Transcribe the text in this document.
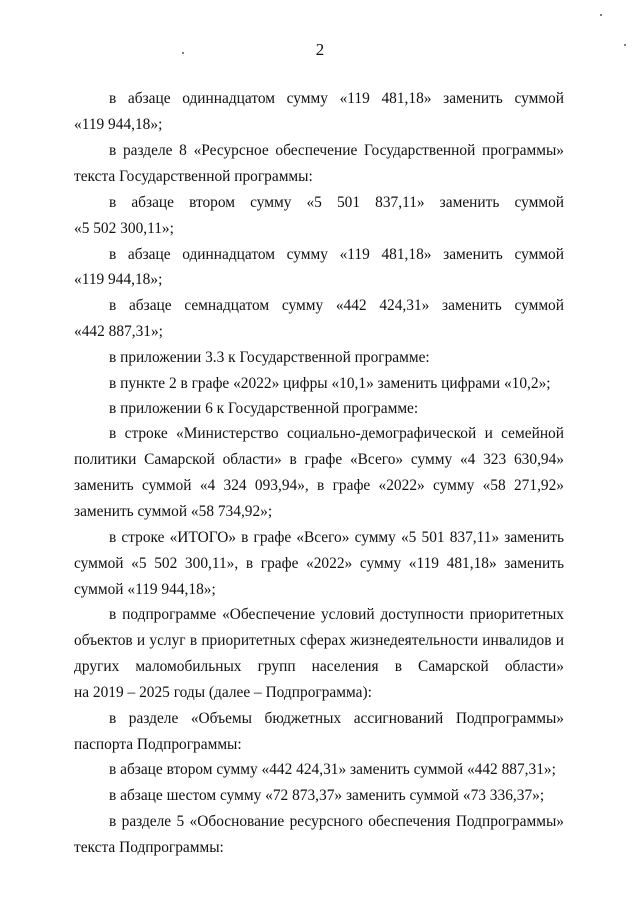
2
в абзаце одиннадцатом сумму «119 481,18» заменить суммой
«119 944,18»;
в разделе 8 «Ресурсное обеспечение Государственной программы»
текста Государственной программы:
в абзаце втором сумму «5 501 837,11» заменить суммой
«5 502 300,11»;
в абзаце одиннадцатом сумму «119 481,18» заменить суммой
«119 944,18»;
в абзаце семнадцатом сумму «442 424,31» заменить суммой
«442 887,31»;
в приложении 3.3 к Государственной программе:
в пункте 2 в графе «2022» цифры «10,1» заменить цифрами «10,2»;
в приложении 6 к Государственной программе:
в строке «Министерство социально-демографической и семейной
политики Самарской области» в графе «Всего» сумму «4 323 630,94»
заменить суммой «4 324 093,94», в графе «2022» сумму «58 271,92»
заменить суммой «58 734,92»;
в строке «ИТОГО» в графе «Всего» сумму «5 501 837,11» заменить
суммой «5 502 300,11», в графе «2022» сумму «119 481,18» заменить
суммой «119 944,18»;
в подпрограмме «Обеспечение условий доступности приоритетных
объектов и услуг в приоритетных сферах жизнедеятельности инвалидов и
других маломобильных групп населения в Самарской области»
на 2019 – 2025 годы (далее – Подпрограмма):
в разделе «Объемы бюджетных ассигнований Подпрограммы»
паспорта Подпрограммы:
в абзаце втором сумму «442 424,31» заменить суммой «442 887,31»;
в абзаце шестом сумму «72 873,37» заменить суммой «73 336,37»;
в разделе 5 «Обоснование ресурсного обеспечения Подпрограммы»
текста Подпрограммы:
